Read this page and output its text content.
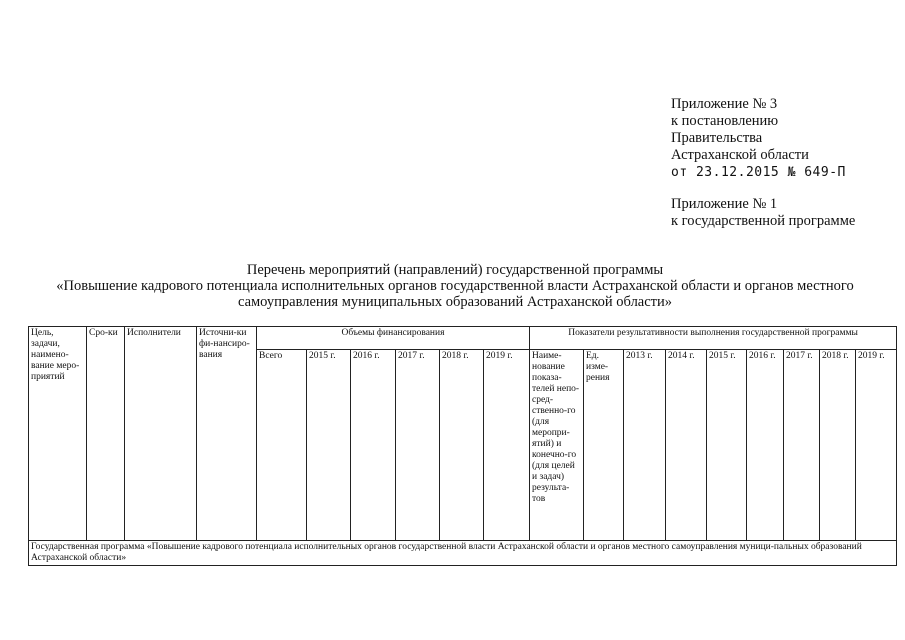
Приложение № 3
к постановлению
Правительства
Астраханской области
от 23.12.2015 № 649-П
Приложение № 1
к государственной программе
Перечень мероприятий (направлений) государственной программы
«Повышение кадрового потенциала исполнительных органов государственной власти Астраханской области и органов местного
самоуправления муниципальных образований Астраханской области»
Цель, задачи, наимено-вание меро-приятий	Сро-ки	Исполнители	Источни-ки фи-нансиро-вания	Объемы финансирования						Показатели результативности выполнения государственной программы								
				Всего	2015 г.	2016 г.	2017 г.	2018 г.	2019 г.	Наиме-нование показа-телей непо-сред-ственно-го (для меропри-ятий) и конечно-го (для целей и задач) результа-тов	Ед. изме-рения	2013 г.	2014 г.	2015 г.	2016 г.	2017 г.	2018 г.	2019 г.
Государственная программа «Повышение кадрового потенциала исполнительных органов государственной власти Астраханской области и органов местного самоуправления муници-пальных образований Астраханской области»																		
